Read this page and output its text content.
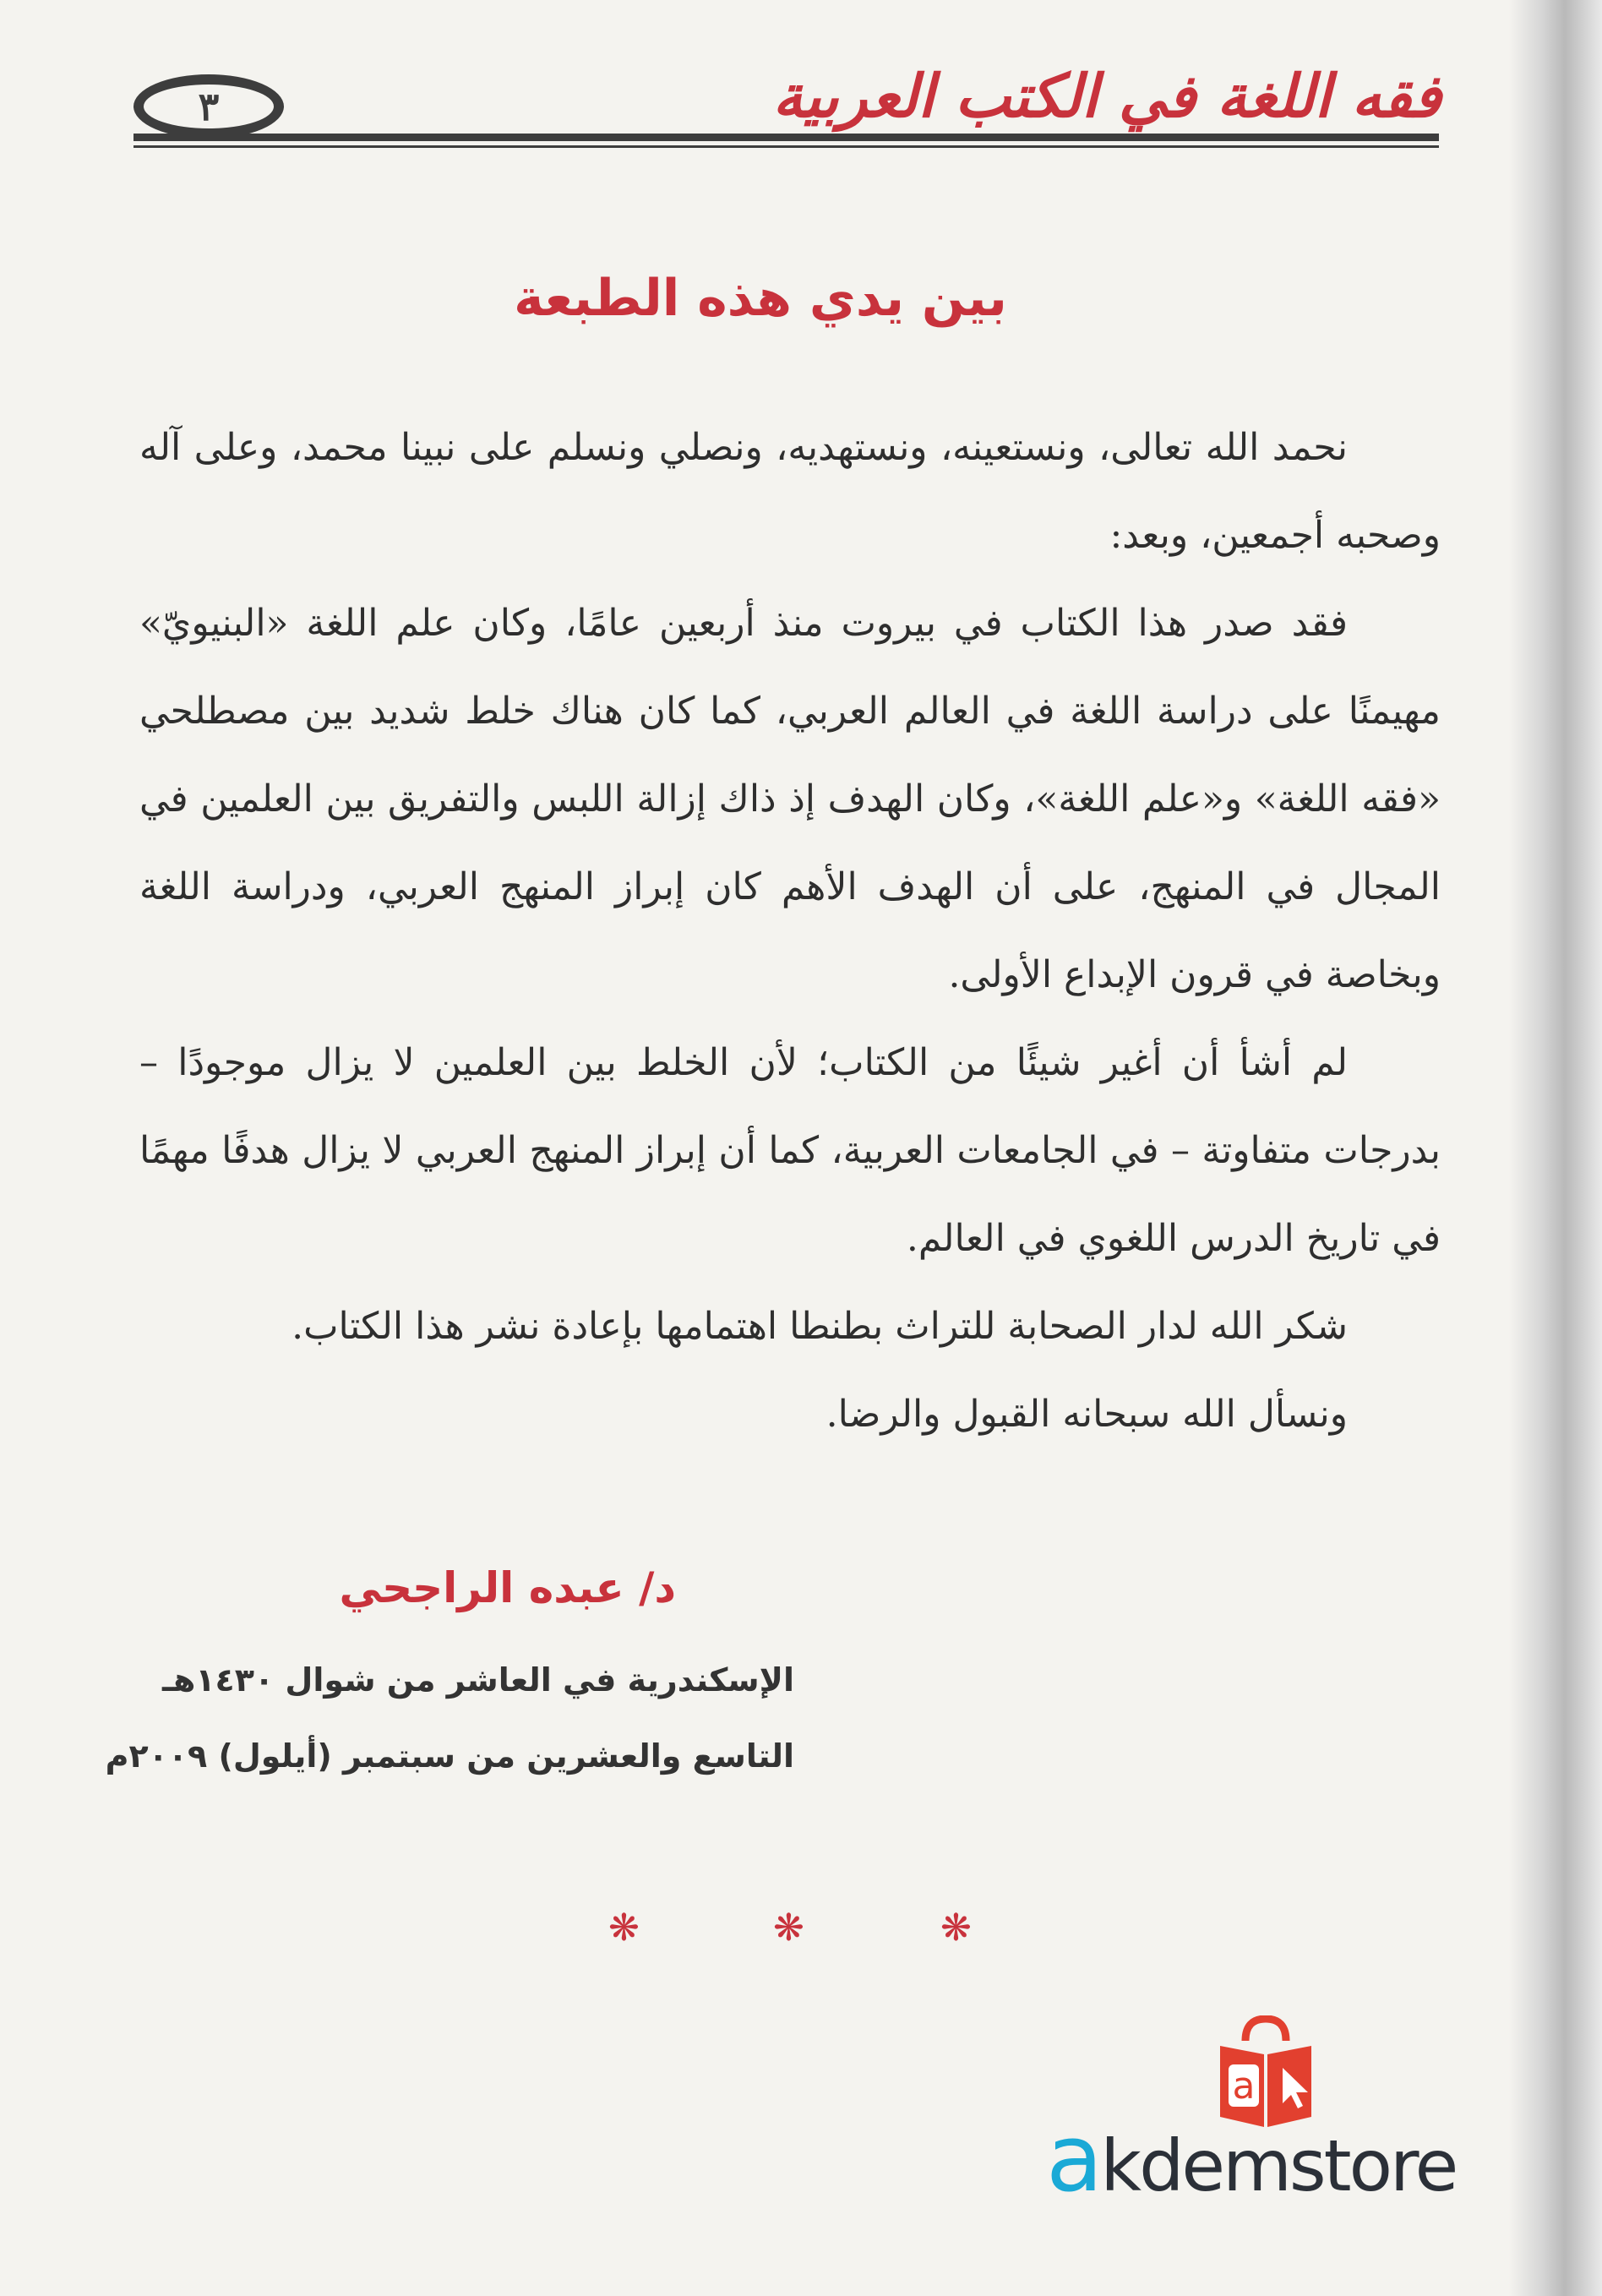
٣	فقه اللغة في الكتب العربية
بين يدي هذه الطبعة

نحمد الله تعالى، ونستعينه، ونستهديه، ونصلي ونسلم على نبينا محمد، وعلى آله وصحبه أجمعين، وبعد:

فقد صدر هذا الكتاب في بيروت منذ أربعين عامًا، وكان علم اللغة «البنيويّ» مهيمنًا على دراسة اللغة في العالم العربي، كما كان هناك خلط شديد بين مصطلحي «فقه اللغة» و«علم اللغة»، وكان الهدف إذ ذاك إزالة اللبس والتفريق بين العلمين في المجال في المنهج، على أن الهدف الأهم كان إبراز المنهج العربي، ودراسة اللغة وبخاصة في قرون الإبداع الأولى.

لم أشأ أن أغير شيئًا من الكتاب؛ لأن الخلط بين العلمين لا يزال موجودًا – بدرجات متفاوتة – في الجامعات العربية، كما أن إبراز المنهج العربي لا يزال هدفًا مهمًا في تاريخ الدرس اللغوي في العالم.

شكر الله لدار الصحابة للتراث بطنطا اهتمامها بإعادة نشر هذا الكتاب.

ونسأل الله سبحانه القبول والرضا.

د/ عبده الراجحي
الإسكندرية في العاشر من شوال ١٤٣٠هـ
التاسع والعشرين من سبتمبر (أيلول) ٢٠٠٩م
❋	❋	❋
a
akdemstore
